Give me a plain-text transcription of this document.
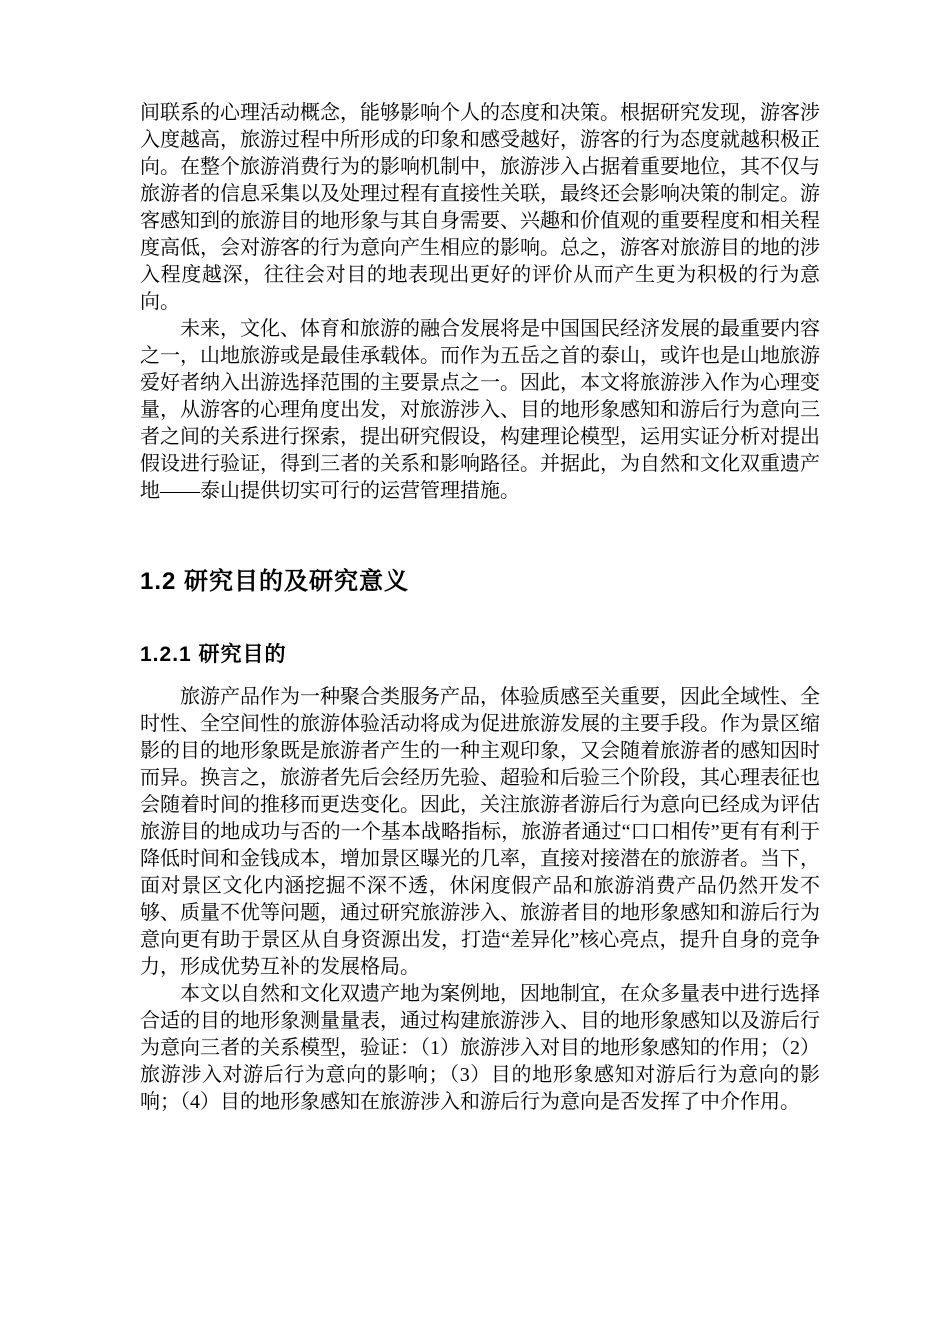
间联系的心理活动概念，能够影响个人的态度和决策。根据研究发现，游客涉入度越高，旅游过程中所形成的印象和感受越好，游客的行为态度就越积极正向。在整个旅游消费行为的影响机制中，旅游涉入占据着重要地位，其不仅与旅游者的信息采集以及处理过程有直接性关联，最终还会影响决策的制定。游客感知到的旅游目的地形象与其自身需要、兴趣和价值观的重要程度和相关程度高低，会对游客的行为意向产生相应的影响。总之，游客对旅游目的地的涉入程度越深，往往会对目的地表现出更好的评价从而产生更为积极的行为意向。

未来，文化、体育和旅游的融合发展将是中国国民经济发展的最重要内容之一，山地旅游或是最佳承载体。而作为五岳之首的泰山，或许也是山地旅游爱好者纳入出游选择范围的主要景点之一。因此，本文将旅游涉入作为心理变量，从游客的心理角度出发，对旅游涉入、目的地形象感知和游后行为意向三者之间的关系进行探索，提出研究假设，构建理论模型，运用实证分析对提出假设进行验证，得到三者的关系和影响路径。并据此，为自然和文化双重遗产地——泰山提供切实可行的运营管理措施。

1.2 研究目的及研究意义
1.2.1 研究目的

旅游产品作为一种聚合类服务产品，体验质感至关重要，因此全域性、全时性、全空间性的旅游体验活动将成为促进旅游发展的主要手段。作为景区缩影的目的地形象既是旅游者产生的一种主观印象，又会随着旅游者的感知因时而异。换言之，旅游者先后会经历先验、超验和后验三个阶段，其心理表征也会随着时间的推移而更迭变化。因此，关注旅游者游后行为意向已经成为评估旅游目的地成功与否的一个基本战略指标，旅游者通过“口口相传”更有有利于降低时间和金钱成本，增加景区曝光的几率，直接对接潜在的旅游者。当下，面对景区文化内涵挖掘不深不透，休闲度假产品和旅游消费产品仍然开发不够、质量不优等问题，通过研究旅游涉入、旅游者目的地形象感知和游后行为意向更有助于景区从自身资源出发，打造“差异化”核心亮点，提升自身的竞争力，形成优势互补的发展格局。

本文以自然和文化双遗产地为案例地，因地制宜，在众多量表中进行选择合适的目的地形象测量量表，通过构建旅游涉入、目的地形象感知以及游后行为意向三者的关系模型，验证：（1）旅游涉入对目的地形象感知的作用；（2）旅游涉入对游后行为意向的影响；（3）目的地形象感知对游后行为意向的影响；（4）目的地形象感知在旅游涉入和游后行为意向是否发挥了中介作用。
